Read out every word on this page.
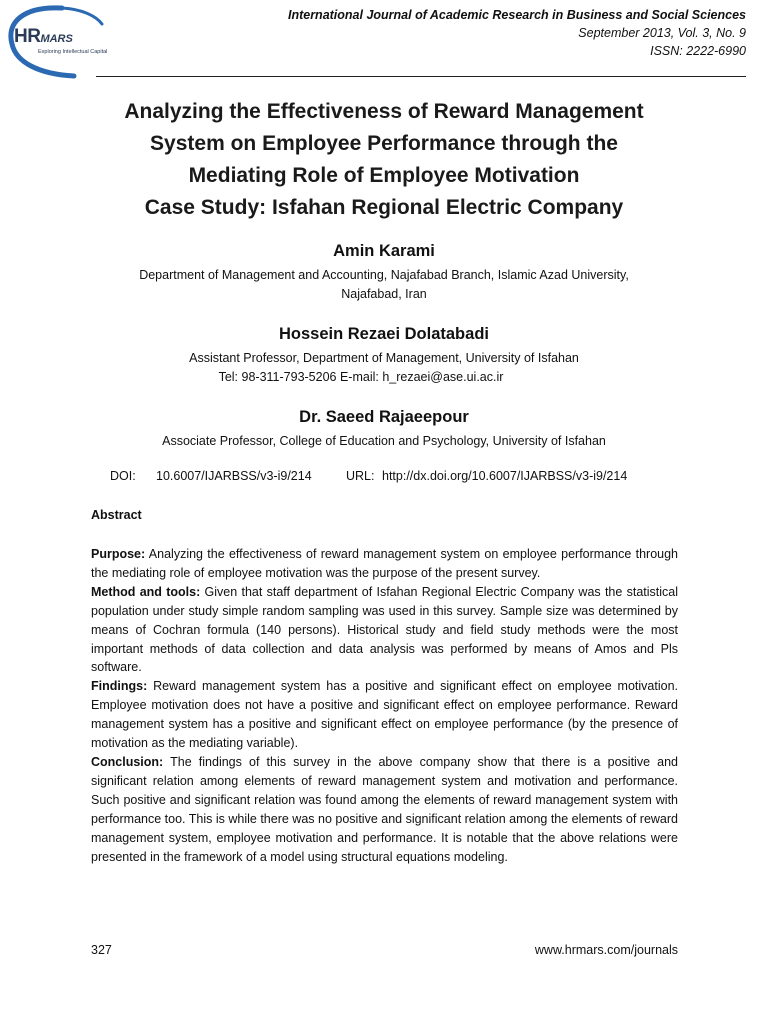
HRMARS
Exploring Intellectual Capital
International Journal of Academic Research in Business and Social Sciences
September 2013, Vol. 3, No. 9
ISSN: 2222-6990
Analyzing the Effectiveness of Reward Management
System on Employee Performance through the
Mediating Role of Employee Motivation
Case Study: Isfahan Regional Electric Company
Amin Karami
Department of Management and Accounting, Najafabad Branch, Islamic Azad University,
Najafabad, Iran
Hossein Rezaei Dolatabadi
Assistant Professor, Department of Management, University of Isfahan
Tel: 98-311-793-5206 E-mail: h_rezaei@ase.ui.ac.ir
Dr. Saeed Rajaeepour
Associate Professor, College of Education and Psychology, University of Isfahan
DOI: 10.6007/IJARBSS/v3-i9/214	URL: http://dx.doi.org/10.6007/IJARBSS/v3-i9/214
Abstract

Purpose: Analyzing the effectiveness of reward management system on employee performance through the mediating role of employee motivation was the purpose of the present survey.

Method and tools: Given that staff department of Isfahan Regional Electric Company was the statistical population under study simple random sampling was used in this survey. Sample size was determined by means of Cochran formula (140 persons). Historical study and field study methods were the most important methods of data collection and data analysis was performed by means of Amos and Pls software.

Findings: Reward management system has a positive and significant effect on employee motivation. Employee motivation does not have a positive and significant effect on employee performance. Reward management system has a positive and significant effect on employee performance (by the presence of motivation as the mediating variable).

Conclusion: The findings of this survey in the above company show that there is a positive and significant relation among elements of reward management system and motivation and performance. Such positive and significant relation was found among the elements of reward management system with performance too. This is while there was no positive and significant relation among the elements of reward management system, employee motivation and performance. It is notable that the above relations were presented in the framework of a model using structural equations modeling.

327	www.hrmars.com/journals
